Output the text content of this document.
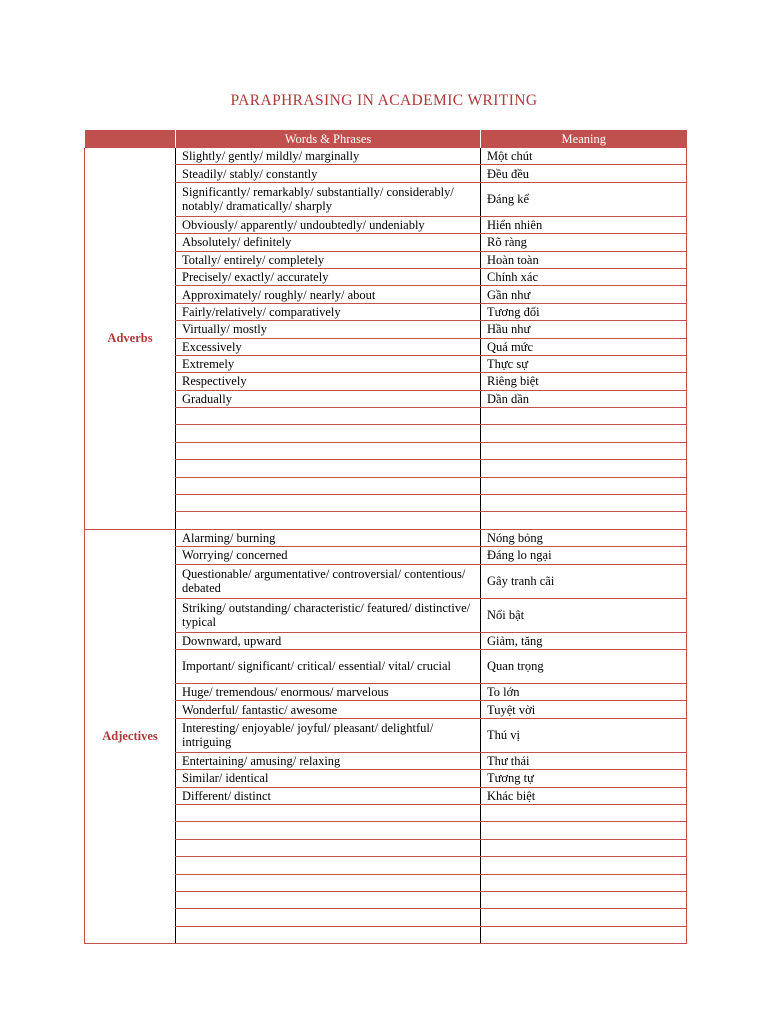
PARAPHRASING IN ACADEMIC WRITING
	Words & Phrases	Meaning
Adverbs	Slightly/ gently/ mildly/ marginally	Một chút
	Steadily/ stably/ constantly	Đều đều
	Significantly/ remarkably/ substantially/ considerably/ notably/ dramatically/ sharply	Đáng kể
	Obviously/ apparently/ undoubtedly/ undeniably	Hiển nhiên
	Absolutely/ definitely	Rõ ràng
	Totally/ entirely/ completely	Hoàn toàn
	Precisely/ exactly/ accurately	Chính xác
	Approximately/ roughly/ nearly/ about	Gần như
	Fairly/relatively/ comparatively	Tương đối
	Virtually/ mostly	Hầu như
	Excessively	Quá mức
	Extremely	Thực sự
	Respectively	Riêng biệt
	Gradually	Dần dần

Adjectives	Alarming/ burning	Nóng bỏng
	Worrying/ concerned	Đáng lo ngại
	Questionable/ argumentative/ controversial/ contentious/ debated	Gây tranh cãi
	Striking/ outstanding/ characteristic/ featured/ distinctive/ typical	Nổi bật
	Downward, upward	Giảm, tăng
	Important/ significant/ critical/ essential/ vital/ crucial	Quan trọng
	Huge/ tremendous/ enormous/ marvelous	To lớn
	Wonderful/ fantastic/ awesome	Tuyệt vời
	Interesting/ enjoyable/ joyful/ pleasant/ delightful/ intriguing	Thú vị
	Entertaining/ amusing/ relaxing	Thư thái
	Similar/ identical	Tương tự
	Different/ distinct	Khác biệt
